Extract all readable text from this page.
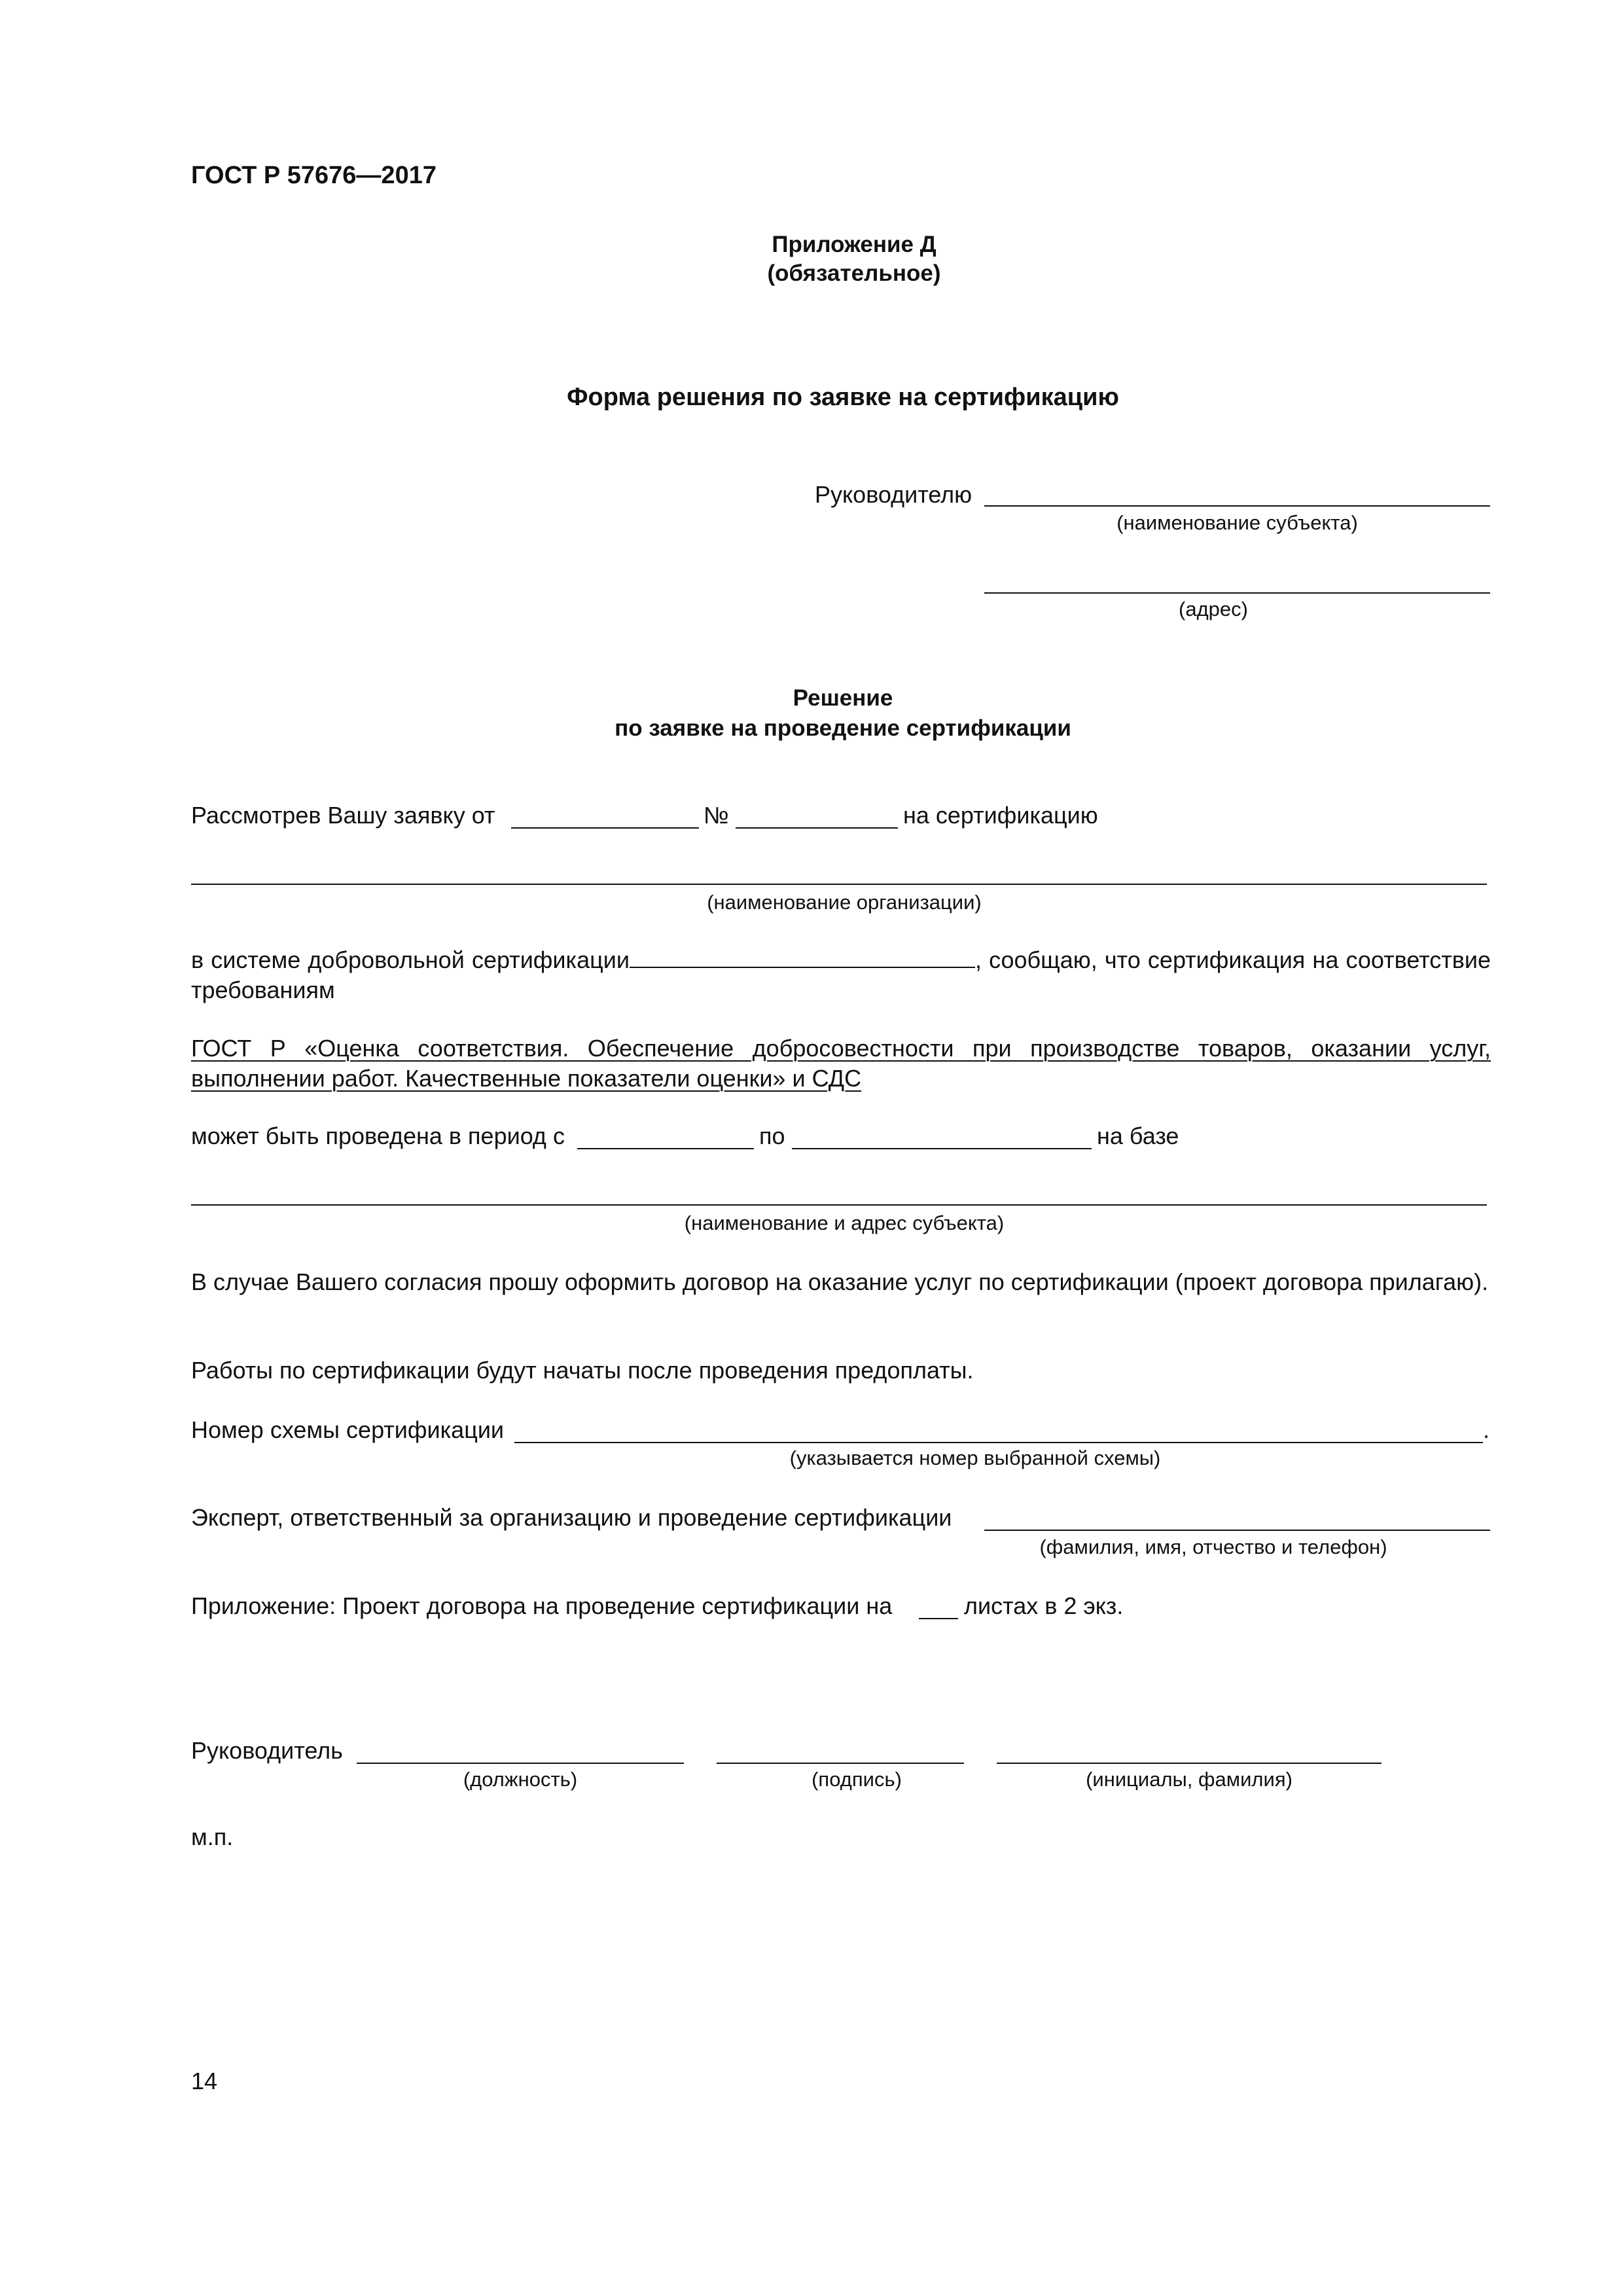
ГОСТ Р 57676—2017
Приложение Д
(обязательное)
Форма решения по заявке на сертификацию
Руководителю
(наименование субъекта)
(адрес)
Решение
по заявке на проведение сертификации
Рассмотрев Вашу заявку от	№	на сертификацию
(наименование организации)
в системе добровольной сертификации	, сообщаю, что сертификация на соответствие требованиям
ГОСТ Р «Оценка соответствия. Обеспечение добросовестности при производстве товаров, оказании услуг, выполнении работ. Качественные показатели оценки» и СДС
может быть проведена в период с	по	на базе
(наименование и адрес субъекта)
В случае Вашего согласия прошу оформить договор на оказание услуг по сертификации (проект договора прилагаю).
Работы по сертификации будут начаты после проведения предоплаты.
Номер схемы сертификации	.
(указывается номер выбранной схемы)
Эксперт, ответственный за организацию и проведение сертификации
(фамилия, имя, отчество и телефон)
Приложение: Проект договора на проведение сертификации на	листах в 2 экз.
Руководитель
(должность)	(подпись)	(инициалы, фамилия)
м.п.
14
